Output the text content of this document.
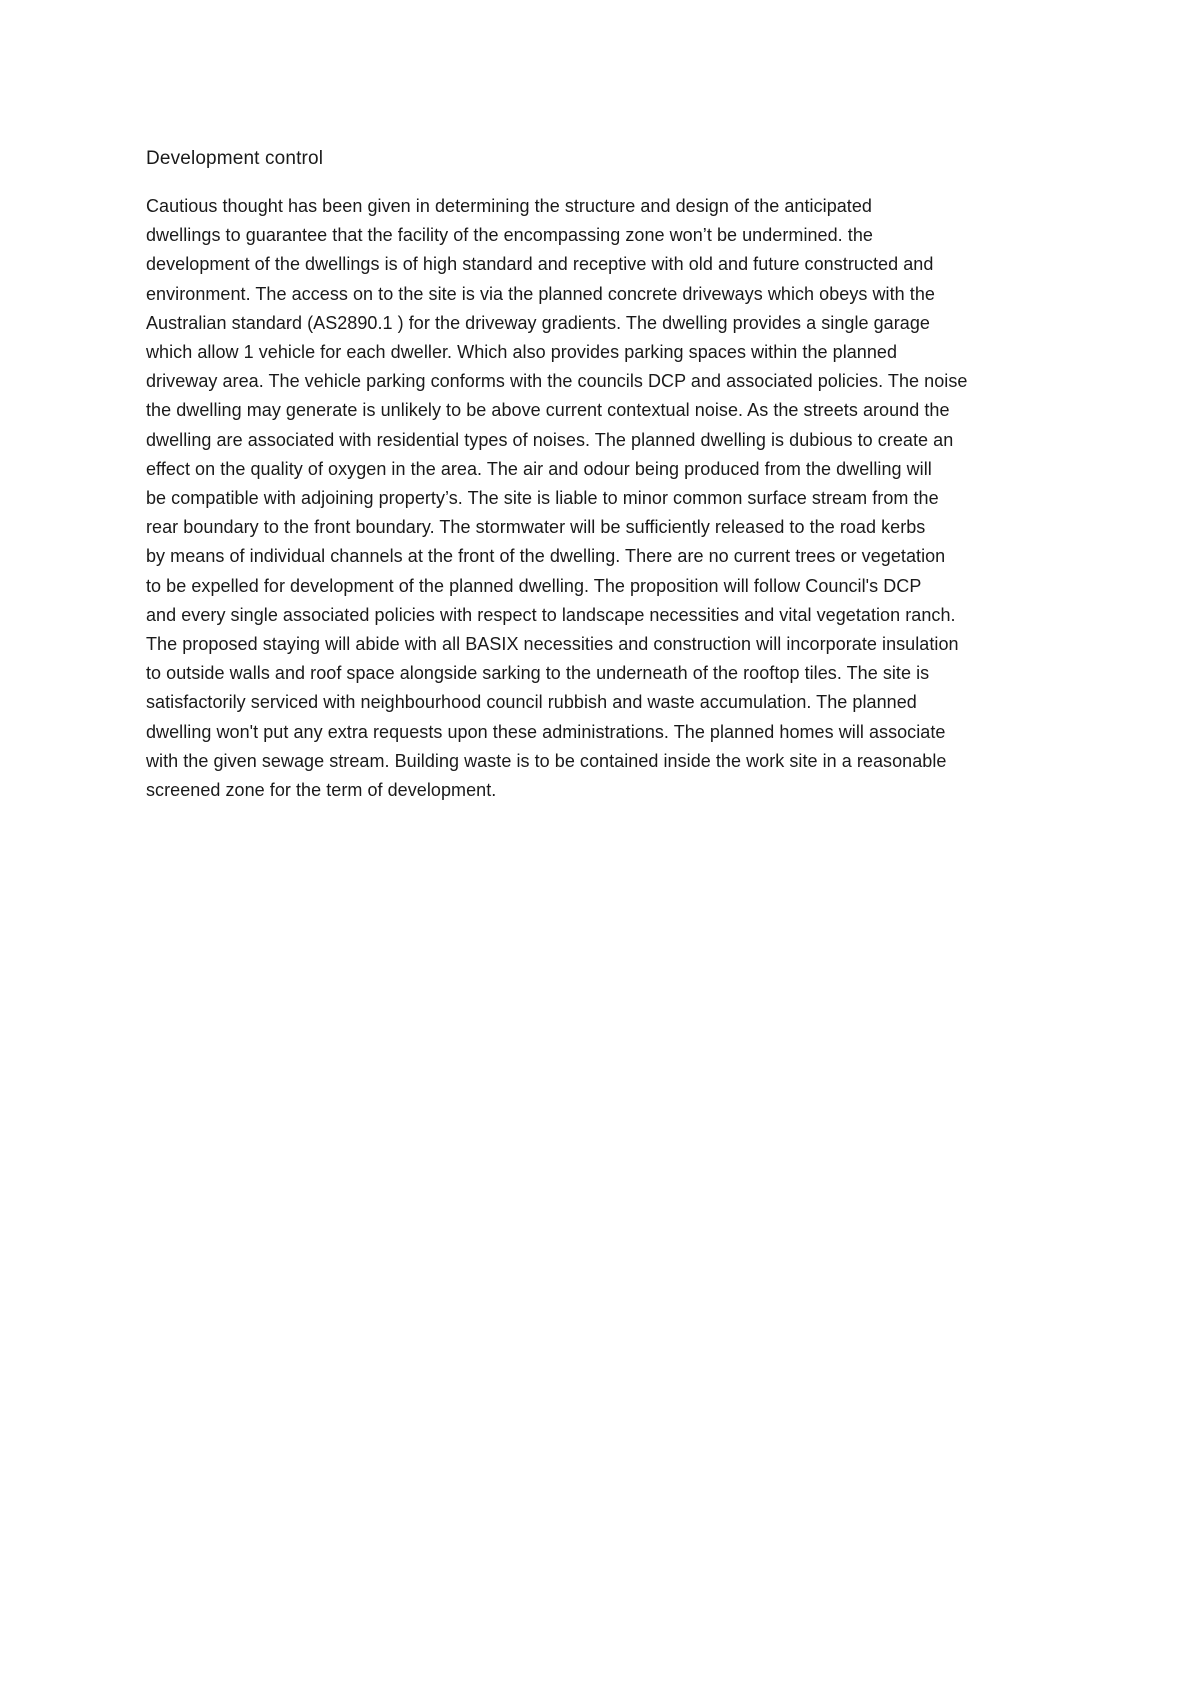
Development control
Cautious thought has been given in determining the structure and design of the anticipated
dwellings to guarantee that the facility of the encompassing zone won’t be undermined. the
development of the dwellings is of high standard and receptive with old and future constructed and
environment. The access on to the site is via the planned concrete driveways which obeys with the
Australian standard (AS2890.1 ) for the driveway gradients. The dwelling provides a single garage
which allow 1 vehicle for each dweller. Which also provides parking spaces within the planned
driveway area. The vehicle parking conforms with the councils DCP and associated policies. The noise
the dwelling may generate is unlikely to be above current contextual noise. As the streets around the
dwelling are associated with residential types of noises. The planned dwelling is dubious to create an
effect on the quality of oxygen in the area. The air and odour being produced from the dwelling will
be compatible with adjoining property’s. The site is liable to minor common surface stream from the
rear boundary to the front boundary. The stormwater will be sufficiently released to the road kerbs
by means of individual channels at the front of the dwelling. There are no current trees or vegetation
to be expelled for development of the planned dwelling. The proposition will follow Council's DCP
and every single associated policies with respect to landscape necessities and vital vegetation ranch.
The proposed staying will abide with all BASIX necessities and construction will incorporate insulation
to outside walls and roof space alongside sarking to the underneath of the rooftop tiles. The site is
satisfactorily serviced with neighbourhood council rubbish and waste accumulation. The planned
dwelling won't put any extra requests upon these administrations. The planned homes will associate
with the given sewage stream. Building waste is to be contained inside the work site in a reasonable
screened zone for the term of development.
